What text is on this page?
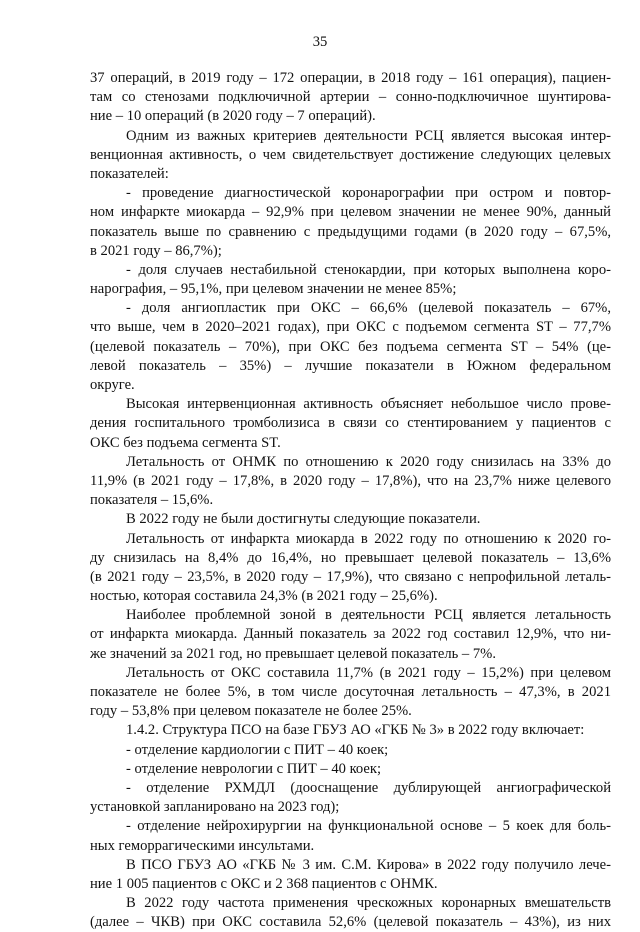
35
37 операций, в 2019 году – 172 операции, в 2018 году – 161 операция), пациен-
там со стенозами подключичной артерии – сонно-подключичное шунтирова-
ние – 10 операций (в 2020 году – 7 операций).
Одним из важных критериев деятельности РСЦ является высокая интер-
венционная активность, о чем свидетельствует достижение следующих целевых
показателей:
- проведение диагностической коронарографии при остром и повтор-
ном инфаркте миокарда – 92,9% при целевом значении не менее 90%, данный
показатель выше по сравнению с предыдущими годами (в 2020 году – 67,5%,
в 2021 году – 86,7%);
- доля случаев нестабильной стенокардии, при которых выполнена коро-
нарография, – 95,1%, при целевом значении не менее 85%;
- доля ангиопластик при ОКС – 66,6% (целевой показатель – 67%,
что выше, чем в 2020–2021 годах), при ОКС с подъемом сегмента ST – 77,7%
(целевой показатель – 70%), при ОКС без подъема сегмента ST – 54% (це-
левой показатель – 35%) – лучшие показатели в Южном федеральном
округе.
Высокая интервенционная активность объясняет небольшое число прове-
дения госпитального тромболизиса в связи со стентированием у пациентов с
ОКС без подъема сегмента ST.
Летальность от ОНМК по отношению к 2020 году снизилась на 33% до
11,9% (в 2021 году – 17,8%, в 2020 году – 17,8%), что на 23,7% ниже целевого
показателя – 15,6%.
В 2022 году не были достигнуты следующие показатели.
Летальность от инфаркта миокарда в 2022 году по отношению к 2020 го-
ду снизилась на 8,4% до 16,4%, но превышает целевой показатель – 13,6%
(в 2021 году – 23,5%, в 2020 году – 17,9%), что связано с непрофильной леталь-
ностью, которая составила 24,3% (в 2021 году – 25,6%).
Наиболее проблемной зоной в деятельности РСЦ является летальность
от инфаркта миокарда. Данный показатель за 2022 год составил 12,9%, что ни-
же значений за 2021 год, но превышает целевой показатель – 7%.
Летальность от ОКС составила 11,7% (в 2021 году – 15,2%) при целевом
показателе не более 5%, в том числе досуточная летальность – 47,3%, в 2021
году – 53,8% при целевом показателе не более 25%.
1.4.2. Структура ПСО на базе ГБУЗ АО «ГКБ № 3» в 2022 году включает:
- отделение кардиологии с ПИТ – 40 коек;
- отделение неврологии с ПИТ – 40 коек;
- отделение РХМДЛ (дооснащение дублирующей ангиографической
установкой запланировано на 2023 год);
- отделение нейрохирургии на функциональной основе – 5 коек для боль-
ных геморрагическими инсультами.
В ПСО ГБУЗ АО «ГКБ № 3 им. С.М. Кирова» в 2022 году получило лече-
ние 1 005 пациентов с ОКС и 2 368 пациентов с ОНМК.
В 2022 году частота применения чрескожных коронарных вмешательств
(далее – ЧКВ) при ОКС составила 52,6% (целевой показатель – 43%), из них
